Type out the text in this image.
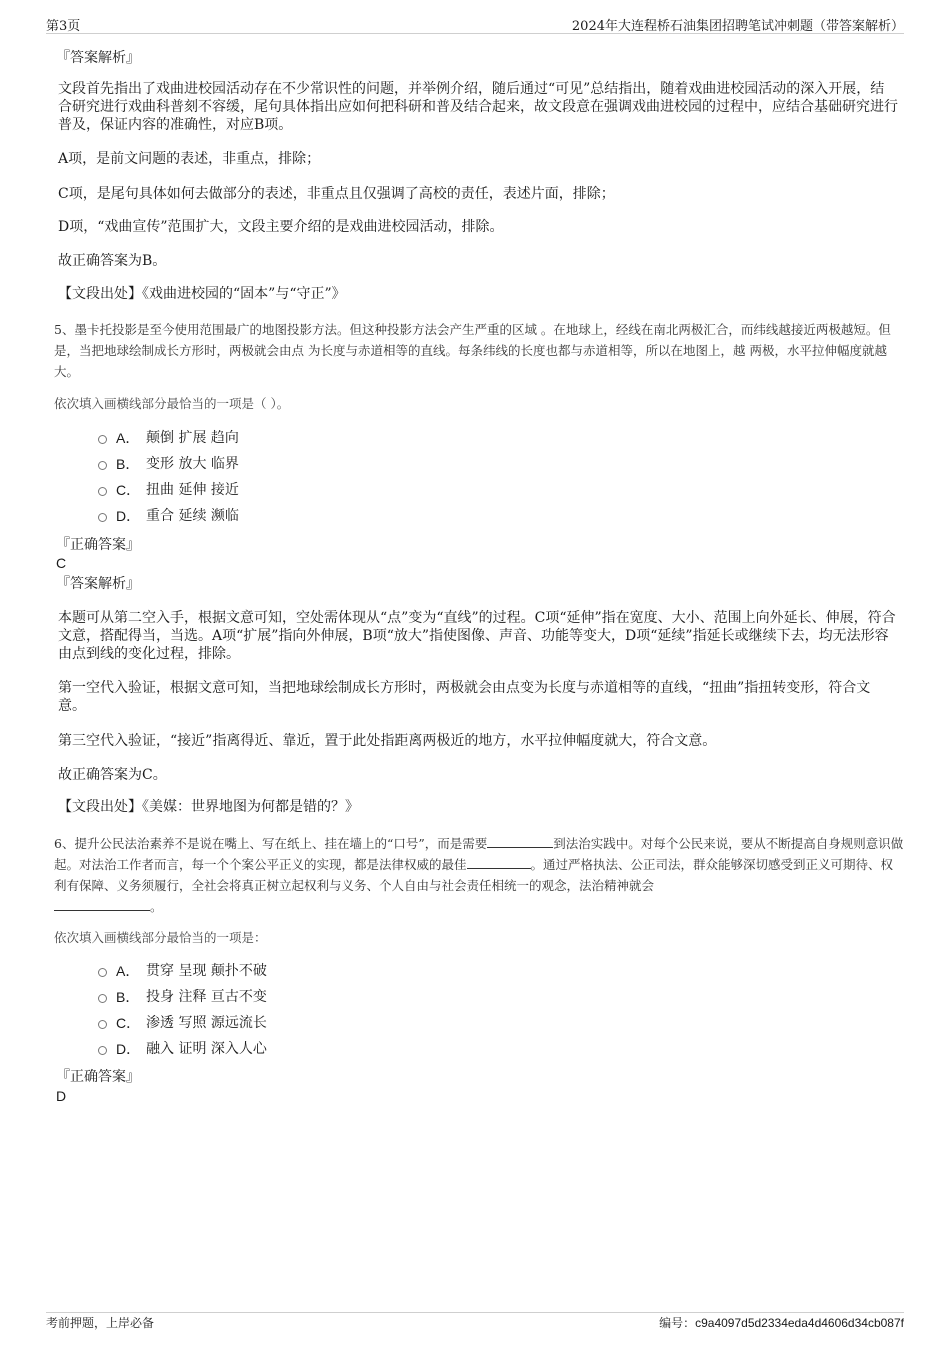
第3页	2024年大连程桥石油集团招聘笔试冲刺题（带答案解析）
『答案解析』
文段首先指出了戏曲进校园活动存在不少常识性的问题，并举例介绍，随后通过“可见”总结指出，随着戏曲进校园活动的深入开展，结合研究进行戏曲科普刻不容缓，尾句具体指出应如何把科研和普及结合起来，故文段意在强调戏曲进校园的过程中，应结合基础研究进行普及，保证内容的准确性，对应B项。
A项，是前文问题的表述，非重点，排除；
C项，是尾句具体如何去做部分的表述，非重点且仅强调了高校的责任，表述片面，排除；
D项，“戏曲宣传”范围扩大，文段主要介绍的是戏曲进校园活动，排除。
故正确答案为B。
【文段出处】《戏曲进校园的“固本”与“守正”》
5、墨卡托投影是至今使用范围最广的地图投影方法。但这种投影方法会产生严重的区域 。在地球上，经线在南北两极汇合，而纬线越接近两极越短。但是，当把地球绘制成长方形时，两极就会由点 为长度与赤道相等的直线。每条纬线的长度也都与赤道相等，所以在地图上，越 两极，水平拉伸幅度就越大。
依次填入画横线部分最恰当的一项是（ ）。
A． 颠倒 扩展 趋向
B． 变形 放大 临界
C． 扭曲 延伸 接近
D． 重合 延续 濒临
『正确答案』
C
『答案解析』
本题可从第二空入手，根据文意可知，空处需体现从“点”变为“直线”的过程。C项“延伸”指在宽度、大小、范围上向外延长、伸展，符合文意，搭配得当，当选。A项“扩展”指向外伸展，B项“放大”指使图像、声音、功能等变大，D项“延续”指延长或继续下去，均无法形容由点到线的变化过程，排除。
第一空代入验证，根据文意可知，当把地球绘制成长方形时，两极就会由点变为长度与赤道相等的直线，“扭曲”指扭转变形，符合文意。
第三空代入验证，“接近”指离得近、靠近，置于此处指距离两极近的地方，水平拉伸幅度就大，符合文意。
故正确答案为C。
【文段出处】《美媒：世界地图为何都是错的？》
6、提升公民法治素养不是说在嘴上、写在纸上、挂在墙上的“口号”，而是需要	到法治实践中。对每个公民来说，要从不断提高自身规则意识做起。对法治工作者而言，每一个个案公平正义的实现，都是法律权威的最佳	。通过严格执法、公正司法，群众能够深切感受到正义可期待、权利有保障、义务须履行，全社会将真正树立起权利与义务、个人自由与社会责任相统一的观念，法治精神就会
。
依次填入画横线部分最恰当的一项是：
A． 贯穿 呈现 颠扑不破
B． 投身 注释 亘古不变
C． 渗透 写照 源远流长
D． 融入 证明 深入人心
『正确答案』
D
考前押题，上岸必备	编号：c9a4097d5d2334eda4d4606d34cb087f
